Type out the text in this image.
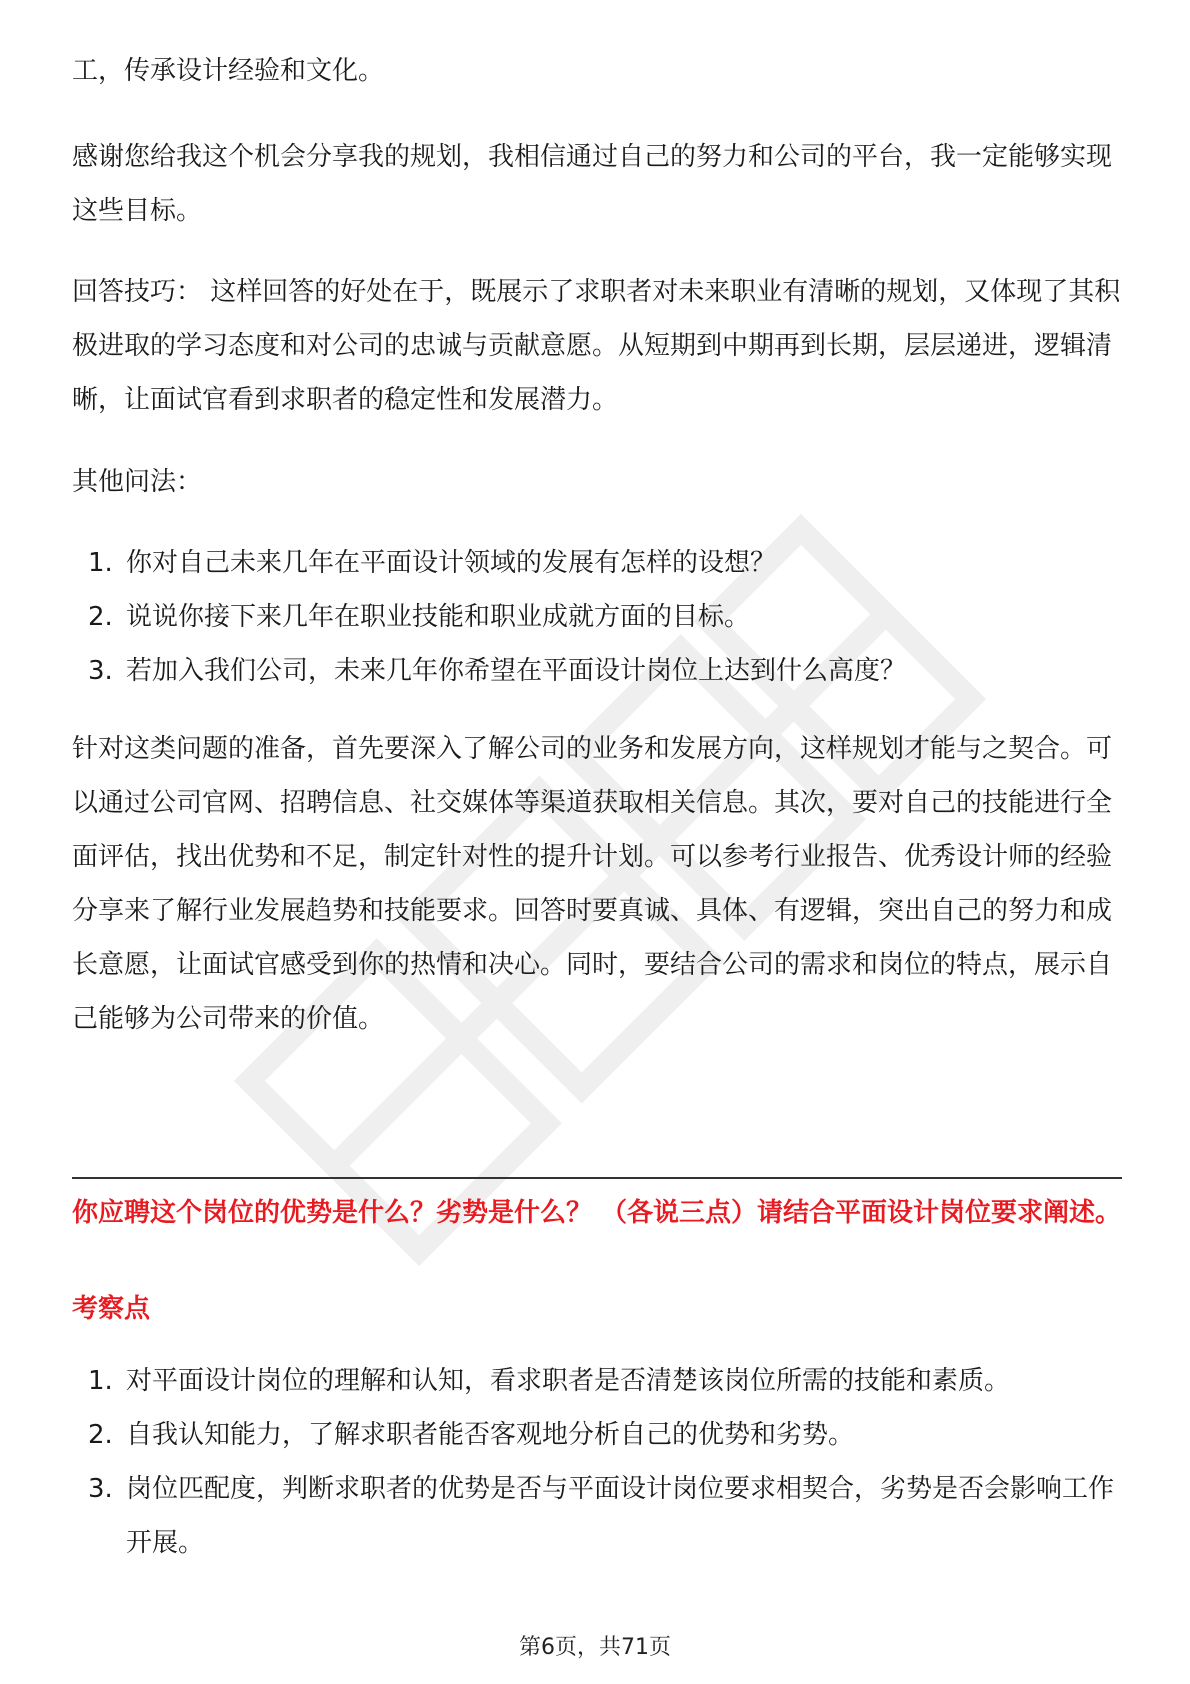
工，传承设计经验和文化。

感谢您给我这个机会分享我的规划，我相信通过自己的努力和公司的平台，我一定能够实现这些目标。

回答技巧： 这样回答的好处在于，既展示了求职者对未来职业有清晰的规划，又体现了其积极进取的学习态度和对公司的忠诚与贡献意愿。从短期到中期再到长期，层层递进，逻辑清晰，让面试官看到求职者的稳定性和发展潜力。

其他问法：

1. 你对自己未来几年在平面设计领域的发展有怎样的设想？
2. 说说你接下来几年在职业技能和职业成就方面的目标。
3. 若加入我们公司，未来几年你希望在平面设计岗位上达到什么高度？

针对这类问题的准备，首先要深入了解公司的业务和发展方向，这样规划才能与之契合。可以通过公司官网、招聘信息、社交媒体等渠道获取相关信息。其次，要对自己的技能进行全面评估，找出优势和不足，制定针对性的提升计划。可以参考行业报告、优秀设计师的经验分享来了解行业发展趋势和技能要求。回答时要真诚、具体、有逻辑，突出自己的努力和成长意愿，让面试官感受到你的热情和决心。同时，要结合公司的需求和岗位的特点，展示自己能够为公司带来的价值。

你应聘这个岗位的优势是什么？劣势是什么？ （各说三点）请结合平面设计岗位要求阐述。

考察点

1. 对平面设计岗位的理解和认知，看求职者是否清楚该岗位所需的技能和素质。
2. 自我认知能力，了解求职者能否客观地分析自己的优势和劣势。
3. 岗位匹配度，判断求职者的优势是否与平面设计岗位要求相契合，劣势是否会影响工作开展。
第6页，共71页
